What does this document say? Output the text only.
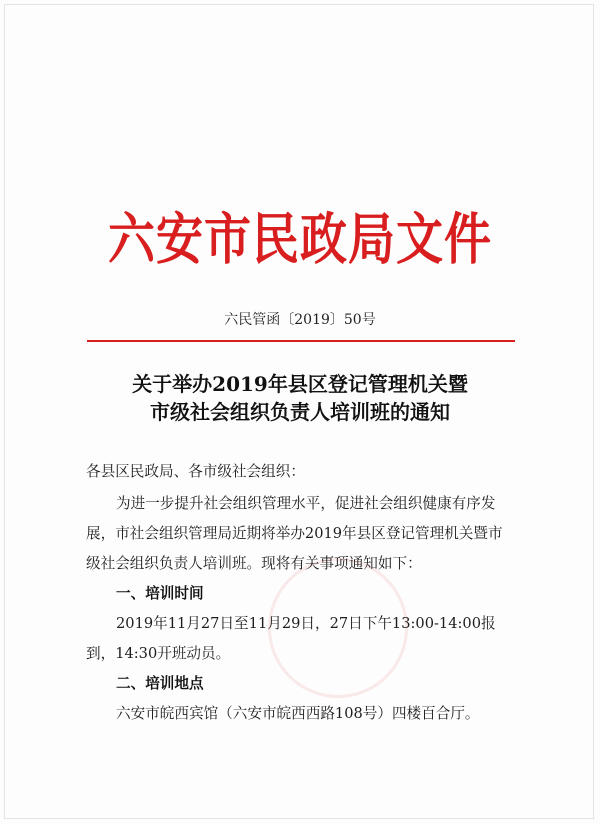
六安市民政局文件
六民管函〔2019〕50号
关于举办2019年县区登记管理机关暨
市级社会组织负责人培训班的通知
各县区民政局、各市级社会组织：
为进一步提升社会组织管理水平，促进社会组织健康有序发
展，市社会组织管理局近期将举办2019年县区登记管理机关暨市
级社会组织负责人培训班。现将有关事项通知如下：
一、培训时间
2019年11月27日至11月29日，27日下午13:00-14:00报
到，14:30开班动员。
二、培训地点
六安市皖西宾馆（六安市皖西西路108号）四楼百合厅。
